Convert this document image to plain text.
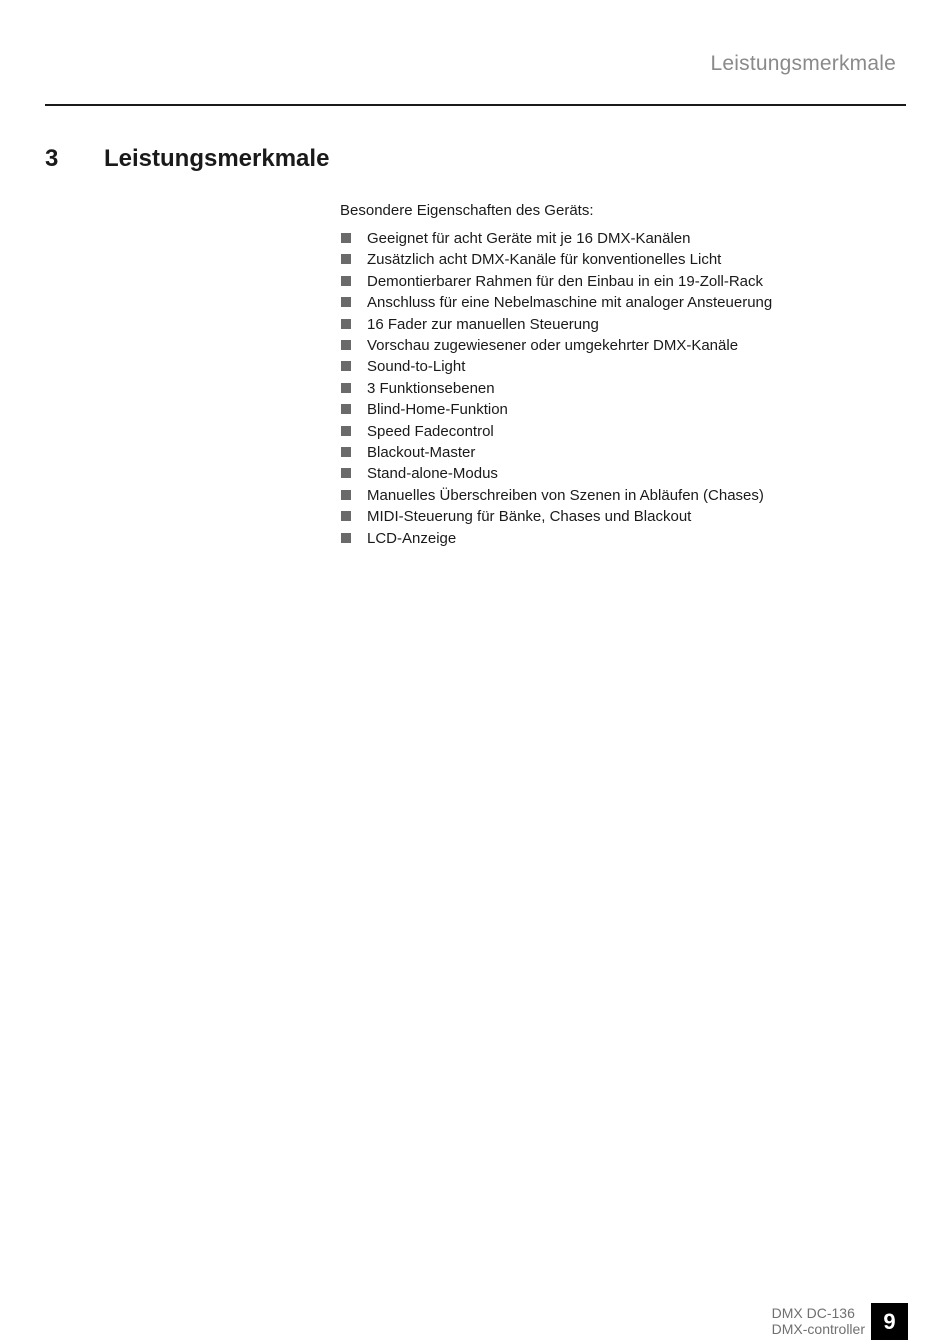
Leistungsmerkmale
3 Leistungsmerkmale

Besondere Eigenschaften des Geräts:

Geeignet für acht Geräte mit je 16 DMX-Kanälen
Zusätzlich acht DMX-Kanäle für konventionelles Licht
Demontierbarer Rahmen für den Einbau in ein 19-Zoll-Rack
Anschluss für eine Nebelmaschine mit analoger Ansteuerung
16 Fader zur manuellen Steuerung
Vorschau zugewiesener oder umgekehrter DMX-Kanäle
Sound-to-Light
3 Funktionsebenen
Blind-Home-Funktion
Speed Fadecontrol
Blackout-Master
Stand-alone-Modus
Manuelles Überschreiben von Szenen in Abläufen (Chases)
MIDI-Steuerung für Bänke, Chases und Blackout
LCD-Anzeige
DMX DC-136
DMX-controller 9
